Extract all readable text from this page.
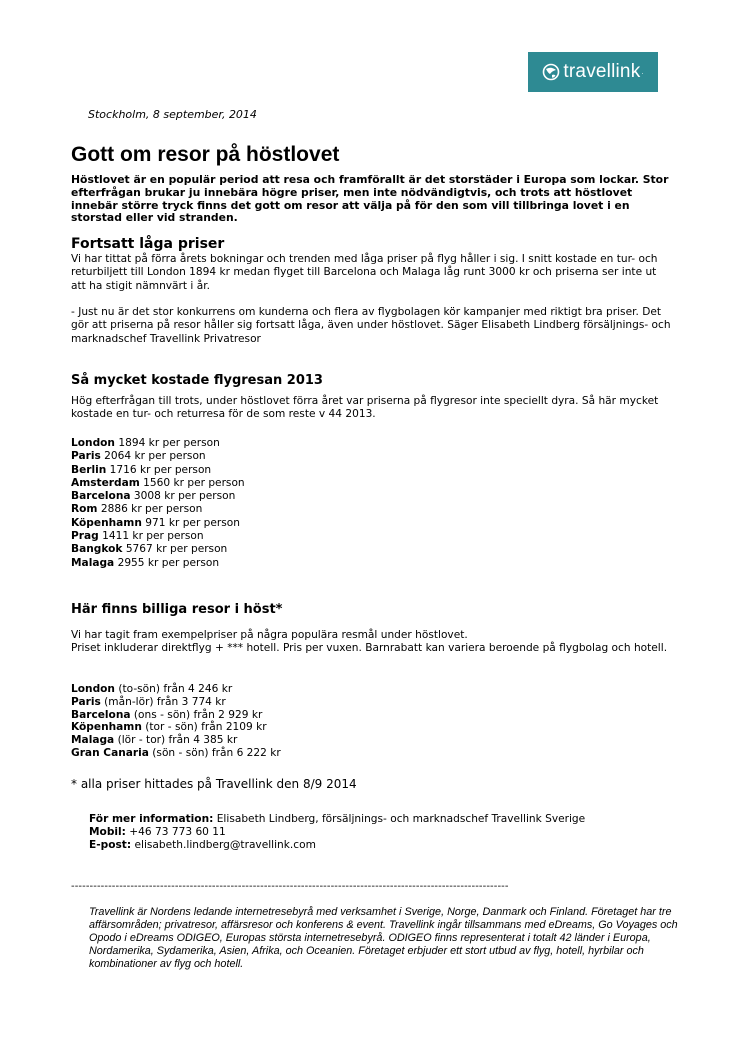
travellink .
Stockholm, 8 september, 2014
Gott om resor på höstlovet
Höstlovet är en populär period att resa och framförallt är det storstäder i Europa som lockar. Stor efterfrågan brukar ju innebära högre priser, men inte nödvändigtvis, och trots att höstlovet innebär större tryck finns det gott om resor att välja på för den som vill tillbringa lovet i en storstad eller vid stranden.
Fortsatt låga priser
Vi har tittat på förra årets bokningar och trenden med låga priser på flyg håller i sig. I snitt kostade en tur- och returbiljett till London 1894 kr medan flyget till Barcelona och Malaga låg runt 3000 kr och priserna ser inte ut att ha stigit nämnvärt i år.
- Just nu är det stor konkurrens om kunderna och flera av flygbolagen kör kampanjer med riktigt bra priser. Det gör att priserna på resor håller sig fortsatt låga, även under höstlovet. Säger Elisabeth Lindberg försäljnings- och marknadschef Travellink Privatresor
Så mycket kostade flygresan 2013
Hög efterfrågan till trots, under höstlovet förra året var priserna på flygresor inte speciellt dyra. Så här mycket kostade en tur- och returresa för de som reste v 44 2013.
London 1894 kr per person
Paris 2064 kr per person
Berlin 1716 kr per person
Amsterdam 1560 kr per person
Barcelona 3008 kr per person
Rom 2886 kr per person
Köpenhamn 971 kr per person
Prag 1411 kr per person
Bangkok 5767 kr per person
Malaga 2955 kr per person
Här finns billiga resor i höst*
Vi har tagit fram exempelpriser på några populära resmål under höstlovet.
Priset inkluderar direktflyg + *** hotell. Pris per vuxen. Barnrabatt kan variera beroende på flygbolag och hotell.
London (to-sön) från 4 246 kr
Paris (mån-lör) från 3 774 kr
Barcelona (ons - sön) från 2 929 kr
Köpenhamn (tor - sön) från 2109 kr
Malaga (lör - tor) från 4 385 kr
Gran Canaria (sön - sön) från 6 222 kr
* alla priser hittades på Travellink den 8/9 2014
För mer information: Elisabeth Lindberg, försäljnings- och marknadschef Travellink Sverige
Mobil: +46 73 773 60 11
E-post: elisabeth.lindberg@travellink.com
----------------------------------------------------------------------------------------------------------------------
Travellink är Nordens ledande internetresebyrå med verksamhet i Sverige, Norge, Danmark och Finland. Företaget har tre affärsområden; privatresor, affärsresor och konferens & event. Travellink ingår tillsammans med eDreams, Go Voyages och Opodo i eDreams ODIGEO, Europas största internetresebyrå. ODIGEO finns representerat i totalt 42 länder i Europa, Nordamerika, Sydamerika, Asien, Afrika, och Oceanien. Företaget erbjuder ett stort utbud av flyg, hotell, hyrbilar och kombinationer av flyg och hotell.
